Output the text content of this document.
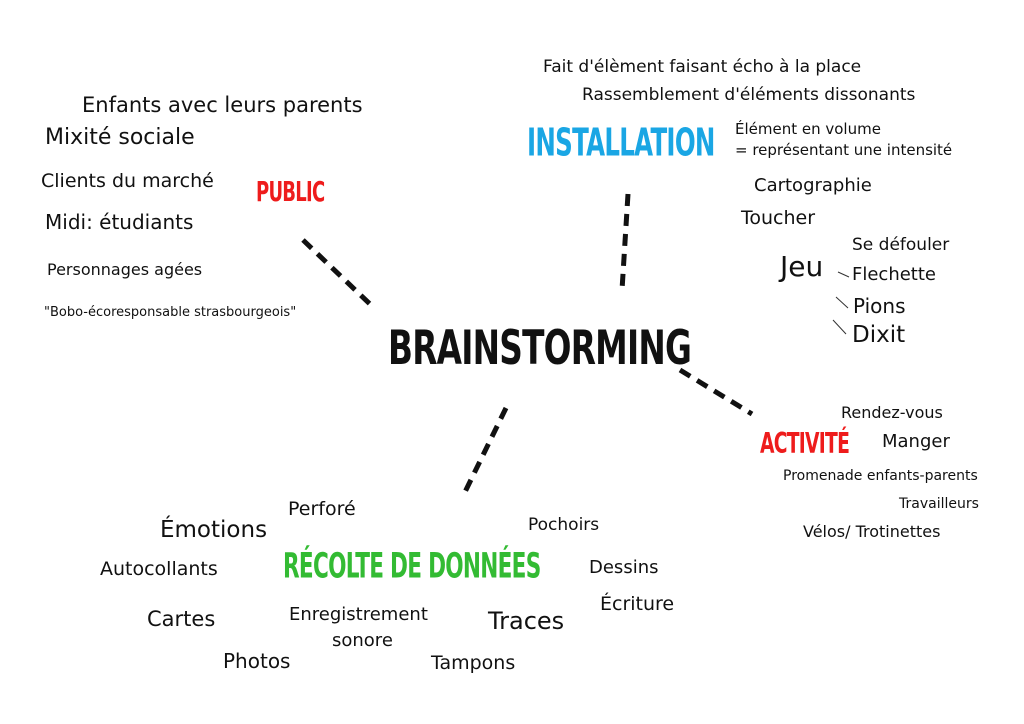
BRAINSTORMING
PUBLIC
Enfants avec leurs parents
Mixité sociale
Clients du marché
Midi: étudiants
Personnages agées
"Bobo-écoresponsable strasbourgeois"
INSTALLATION
Fait d'élèment faisant écho à la place
Rassemblement d'éléments dissonants
Élément en volume
= représentant une intensité
Cartographie
Toucher
Jeu
Se défouler
Flechette
Pions
Dixit
ACTIVITÉ
Rendez-vous
Manger
Promenade enfants-parents
Travailleurs
Vélos/ Trotinettes
RÉCOLTE DE DONNÉES
Perforé
Émotions	Pochoirs
Autocollants	Dessins
Écriture
Cartes	Enregistrement
sonore
Traces
Photos	Tampons
